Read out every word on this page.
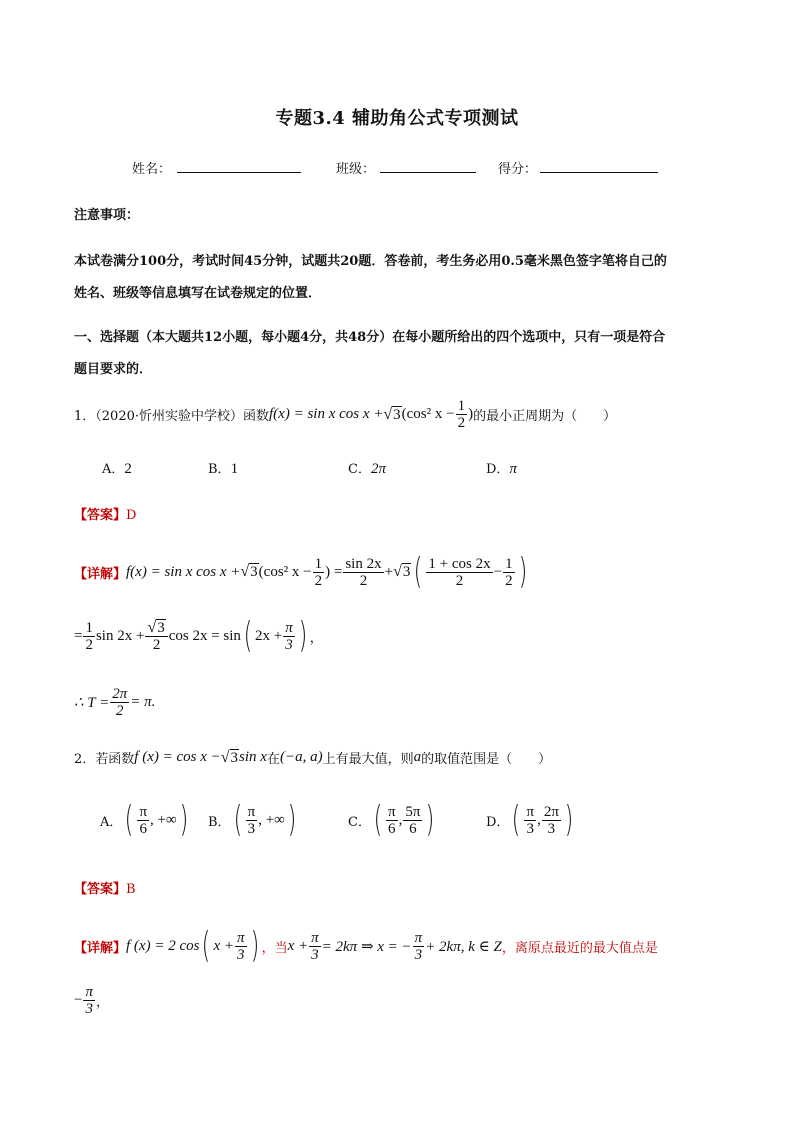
专题3.4 辅助角公式专项测试
姓名：	班级：	得分：
注意事项：
本试卷满分100分，考试时间45分钟，试题共20题．答卷前，考生务必用0.5毫米黑色签字笔将自己的
姓名、班级等信息填写在试卷规定的位置．
一、选择题（本大题共12小题，每小题4分，共48分）在每小题所给出的四个选项中，只有一项是符合
题目要求的．
1．（2020·忻州实验中学校）函数 f(x) = sin x cos x + √3 (cos² $x - \frac{1}{2}$ ) 的最小正周期为（　　）
A．2	B．1	C．2π	D．π
【答案】D
【详解】 f(x) = sin x cos x + √3 (cos² $x - \frac{1}{2}$ ) = $\frac{\sin 2x}{2} + √3$ ( $\frac{1 + \cos 2x}{2} - \frac{1}{2}$ )
= $\frac{1}{2}$ $\sin 2x + \frac{√3}{2}$ cos 2x = sin ( $2x + \frac{\pi}{3}$ ) ，
∴ $T = \frac{2\pi}{2} = \pi$.
2．若函数 f (x) = cos x − √3 sin x 在 (−a, a) 上有最大值，则 a 的取值范围是（　　）
A． ( $\frac{\pi}{6}$ , +∞ ) B． ( $\frac{\pi}{3}$ , +∞ )	C． ( $\frac{\pi}{6}$ , $\frac{5\pi}{6}$ )	D． ( $\frac{\pi}{3}$ , $\frac{2\pi}{3}$ )
【答案】B
【详解】 f (x) = 2 cos ( $x + \frac{\pi}{3}$ ) ，当 $x + \frac{\pi}{3} = 2k\pi$ ⇒ x = − $\frac{\pi}{3} + 2k\pi$, k ∈ Z ，离原点最近的最大值点是
− $\frac{\pi}{3}$ ，
